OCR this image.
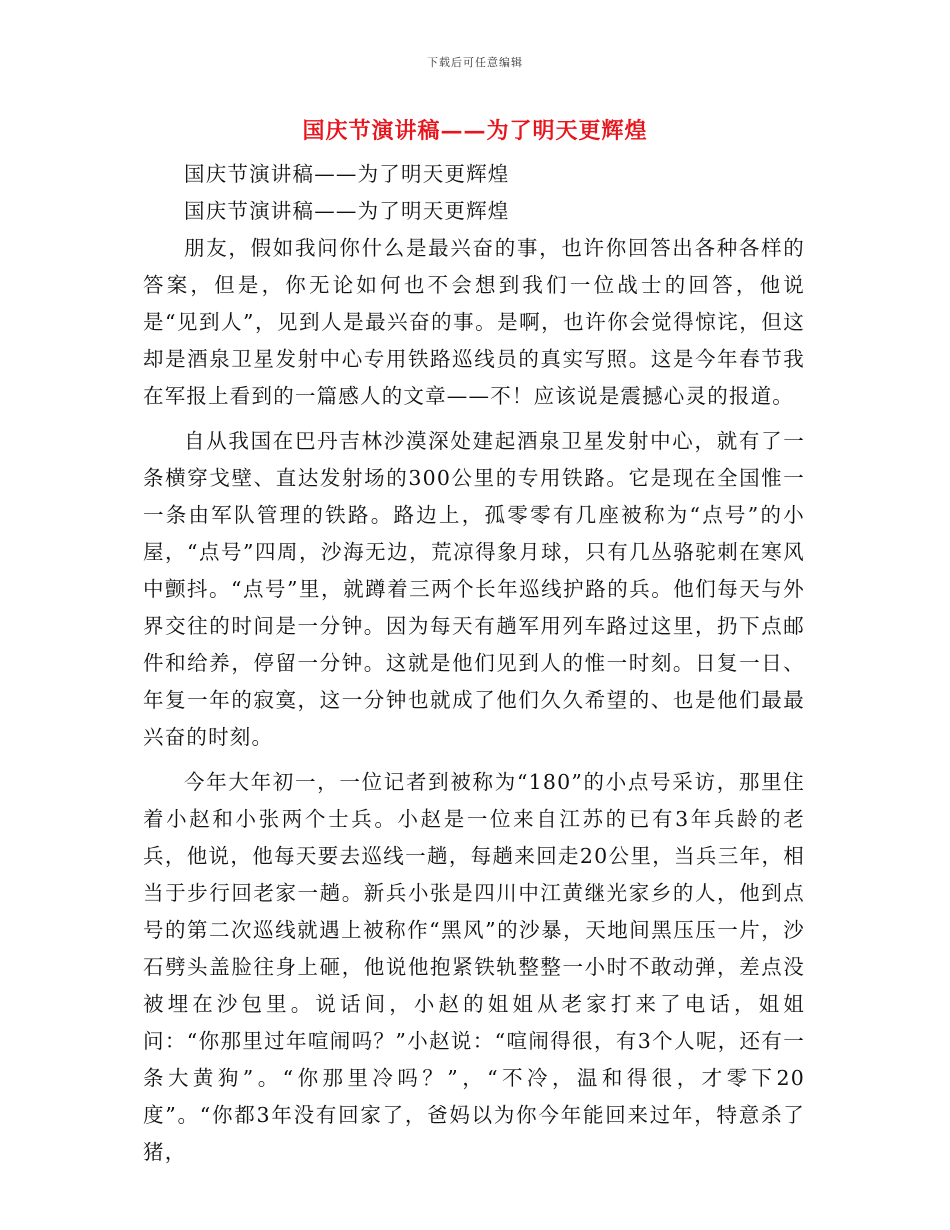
下载后可任意编辑
国庆节演讲稿——为了明天更辉煌

国庆节演讲稿——为了明天更辉煌

国庆节演讲稿——为了明天更辉煌

朋友，假如我问你什么是最兴奋的事，也许你回答出各种各样的答案，但是，你无论如何也不会想到我们一位战士的回答，他说是“见到人”，见到人是最兴奋的事。是啊，也许你会觉得惊诧，但这却是酒泉卫星发射中心专用铁路巡线员的真实写照。这是今年春节我在军报上看到的一篇感人的文章——不！应该说是震撼心灵的报道。

自从我国在巴丹吉林沙漠深处建起酒泉卫星发射中心，就有了一条横穿戈壁、直达发射场的300公里的专用铁路。它是现在全国惟一一条由军队管理的铁路。路边上，孤零零有几座被称为“点号”的小屋，“点号”四周，沙海无边，荒凉得象月球，只有几丛骆驼刺在寒风中颤抖。“点号”里，就蹲着三两个长年巡线护路的兵。他们每天与外界交往的时间是一分钟。因为每天有趟军用列车路过这里，扔下点邮件和给养，停留一分钟。这就是他们见到人的惟一时刻。日复一日、年复一年的寂寞，这一分钟也就成了他们久久希望的、也是他们最最兴奋的时刻。

今年大年初一，一位记者到被称为“180”的小点号采访，那里住着小赵和小张两个士兵。小赵是一位来自江苏的已有3年兵龄的老兵，他说，他每天要去巡线一趟，每趟来回走20公里，当兵三年，相当于步行回老家一趟。新兵小张是四川中江黄继光家乡的人，他到点号的第二次巡线就遇上被称作“黑风”的沙暴，天地间黑压压一片，沙石劈头盖脸往身上砸，他说他抱紧铁轨整整一小时不敢动弹，差点没被埋在沙包里。说话间，小赵的姐姐从老家打来了电话，姐姐问：“你那里过年喧闹吗？”小赵说：“喧闹得很，有3个人呢，还有一条大黄狗”。“你那里冷吗？”，“不冷，温和得很，才零下20度”。“你都3年没有回家了，爸妈以为你今年能回来过年，特意杀了猪，
